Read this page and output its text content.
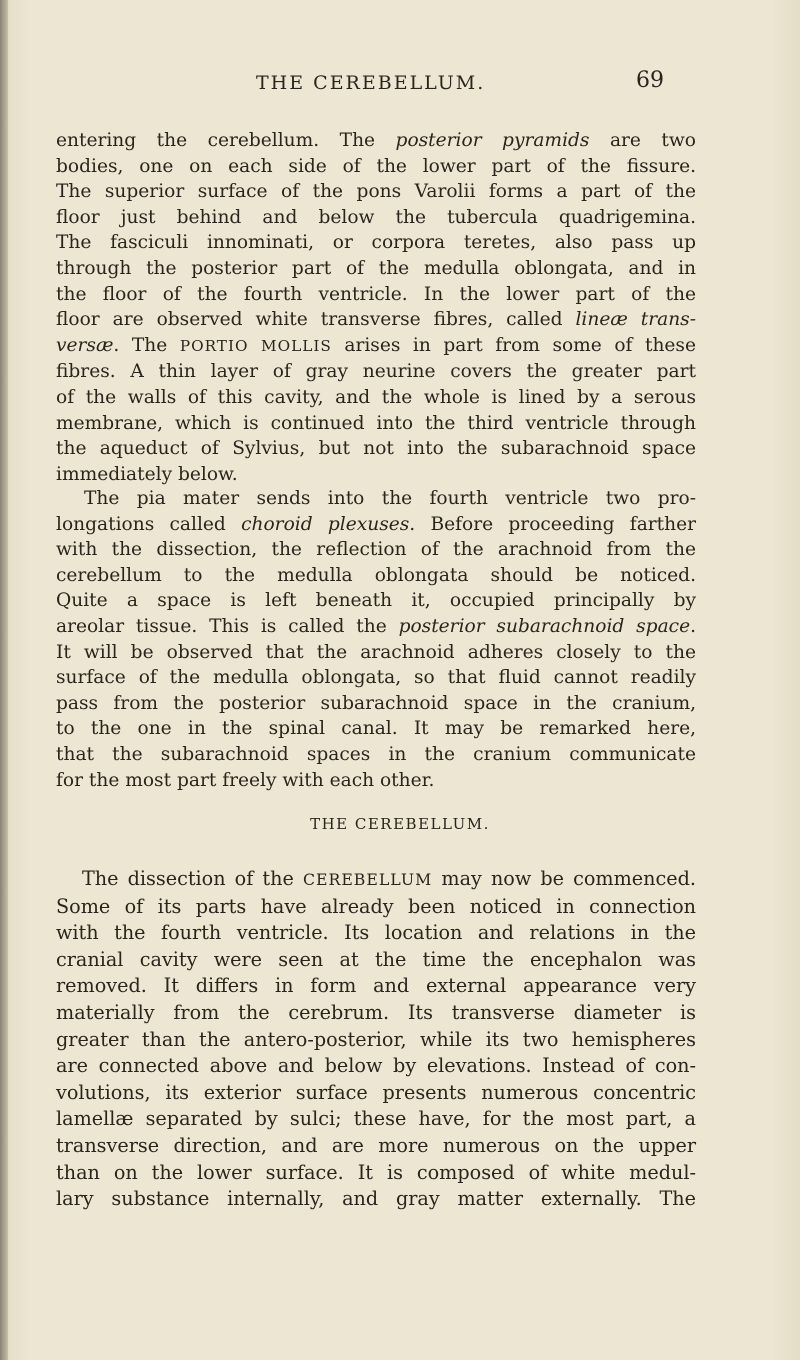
THE CEREBELLUM.	69
entering the cerebellum. The posterior pyramids are two
bodies, one on each side of the lower part of the fissure.
The superior surface of the pons Varolii forms a part of the
floor just behind and below the tubercula quadrigemina.
The fasciculi innominati, or corpora teretes, also pass up
through the posterior part of the medulla oblongata, and in
the floor of the fourth ventricle. In the lower part of the
floor are observed white transverse fibres, called lineæ trans-
versæ. The PORTIO MOLLIS arises in part from some of these
fibres. A thin layer of gray neurine covers the greater part
of the walls of this cavity, and the whole is lined by a serous
membrane, which is continued into the third ventricle through
the aqueduct of Sylvius, but not into the subarachnoid space
immediately below.
The pia mater sends into the fourth ventricle two pro-
longations called choroid plexuses. Before proceeding farther
with the dissection, the reflection of the arachnoid from the
cerebellum to the medulla oblongata should be noticed.
Quite a space is left beneath it, occupied principally by
areolar tissue. This is called the posterior subarachnoid space.
It will be observed that the arachnoid adheres closely to the
surface of the medulla oblongata, so that fluid cannot readily
pass from the posterior subarachnoid space in the cranium,
to the one in the spinal canal. It may be remarked here,
that the subarachnoid spaces in the cranium communicate
for the most part freely with each other.
THE CEREBELLUM.
The dissection of the CEREBELLUM may now be commenced.
Some of its parts have already been noticed in connection
with the fourth ventricle. Its location and relations in the
cranial cavity were seen at the time the encephalon was
removed. It differs in form and external appearance very
materially from the cerebrum. Its transverse diameter is
greater than the antero-posterior, while its two hemispheres
are connected above and below by elevations. Instead of con-
volutions, its exterior surface presents numerous concentric
lamellæ separated by sulci; these have, for the most part, a
transverse direction, and are more numerous on the upper
than on the lower surface. It is composed of white medul-
lary substance internally, and gray matter externally. The
